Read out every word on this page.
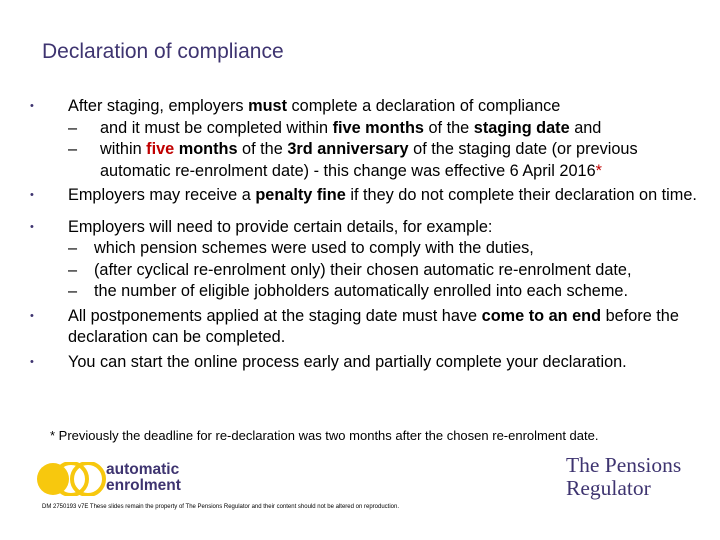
Declaration of compliance
• After staging, employers must complete a declaration of compliance
– and it must be completed within five months of the staging date and
– within five months of the 3rd anniversary of the staging date (or previous automatic re-enrolment date) - this change was effective 6 April 2016*
• Employers may receive a penalty fine if they do not complete their declaration on time.
• Employers will need to provide certain details, for example:
– which pension schemes were used to comply with the duties,
– (after cyclical re-enrolment only) their chosen automatic re-enrolment date,
– the number of eligible jobholders automatically enrolled into each scheme.
• All postponements applied at the staging date must have come to an end before the declaration can be completed.
• You can start the online process early and partially complete your declaration.
* Previously the deadline for re-declaration was two months after the chosen re-enrolment date.
automatic
enrolment
The Pensions
Regulator
DM 2750193 v7E These slides remain the property of The Pensions Regulator and their content should not be altered on reproduction.
